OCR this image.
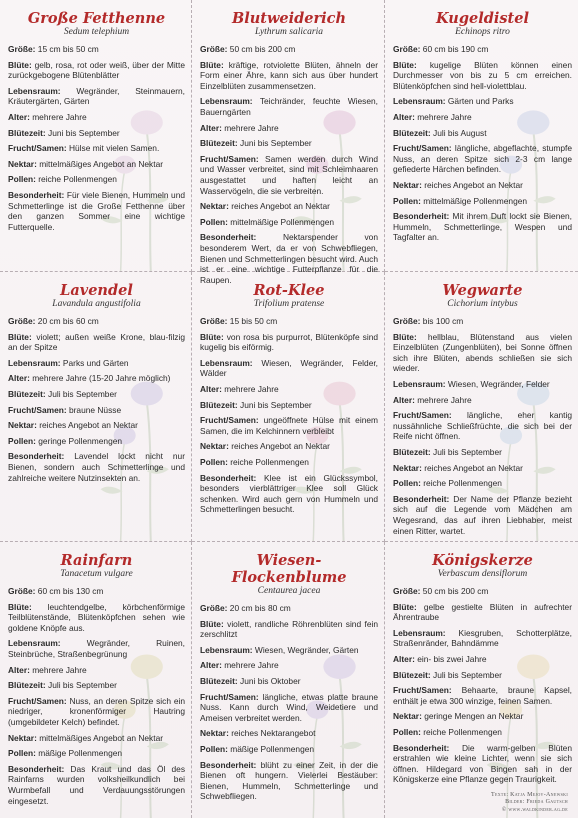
Große Fetthenne
Sedum telephium
Größe: 15 cm bis 50 cm
Blüte: gelb, rosa, rot oder weiß, über der Mitte zurückgebogene Blütenblätter
Lebensraum: Wegränder, Steinmauern, Kräutergärten, Gärten
Alter: mehrere Jahre
Blütezeit: Juni bis September
Frucht/Samen: Hülse mit vielen Samen.
Nektar: mittelmäßiges Angebot an Nektar
Pollen: reiche Pollenmengen
Besonderheit: Für viele Bienen, Hummeln und Schmetterlinge ist die Große Fetthenne über den ganzen Sommer eine wichtige Futterquelle.
Blutweiderich
Lythrum salicaria
Größe: 50 cm bis 200 cm
Blüte: kräftige, rotviolette Blüten, ähneln der Form einer Ähre, kann sich aus über hundert Einzelblüten zusammensetzen.
Lebensraum: Teichränder, feuchte Wiesen, Bauerngärten
Alter: mehrere Jahre
Blütezeit: Juni bis September
Frucht/Samen: Samen werden durch Wind und Wasser verbreitet, sind mit Schleimhaaren ausgestattet und haften leicht an Wasservögeln, die sie verbreiten.
Nektar: reiches Angebot an Nektar
Pollen: mittelmäßige Pollenmengen
Besonderheit:	Nektarspender von besonderem Wert, da er von Schwebfliegen, Bienen und Schmetterlingen besucht wird. Auch ist er eine wichtige Futterpflanze für die Raupen.
Kugeldistel
Echinops ritro
Größe: 60 cm bis 190 cm
Blüte: kugelige Blüten können einen Durchmesser von bis zu 5 cm erreichen. Blütenköpfchen sind hell-violettblau.
Lebensraum: Gärten und Parks
Alter: mehrere Jahre
Blütezeit: Juli bis August
Frucht/Samen: längliche, abgeflachte, stumpfe Nuss, an deren Spitze sich 2-3 cm lange gefiederte Härchen befinden.
Nektar: reiches Angebot an Nektar
Pollen: mittelmäßige Pollenmengen
Besonderheit: Mit ihrem Duft lockt sie Bienen, Hummeln, Schmetterlinge, Wespen und Tagfalter an.
Lavendel
Lavandula angustifolia
Größe: 20 cm bis 60 cm
Blüte: violett; außen weiße Krone, blau-filzig an der Spitze
Lebensraum: Parks und Gärten
Alter: mehrere Jahre (15-20 Jahre möglich)
Blütezeit: Juli bis September
Frucht/Samen: braune Nüsse
Nektar: reiches Angebot an Nektar
Pollen: geringe Pollenmengen
Besonderheit: Lavendel lockt nicht nur Bienen, sondern auch Schmetterlinge und zahlreiche weitere Nutzinsekten an.
Rot-Klee
Trifolium pratense
Größe: 15 bis 50 cm
Blüte: von rosa bis purpurrot, Blütenköpfe sind kugelig bis eiförmig.
Lebensraum: Wiesen, Wegränder, Felder, Wälder
Alter: mehrere Jahre
Blütezeit: Juni bis September
Frucht/Samen: ungeöffnete Hülse mit einem Samen, die im Kelchinnern verbleibt
Nektar: reiches Angebot an Nektar
Pollen: reiche Pollenmengen
Besonderheit: Klee ist ein Glückssymbol, besonders vierblättriger Klee soll Glück schenken. Wird auch gern von Hummeln und Schmetterlingen besucht.
Wegwarte
Cichorium intybus
Größe: bis 100 cm
Blüte: hellblau, Blütenstand aus vielen Einzelblüten (Zungenblüten), bei Sonne öffnen sich ihre Blüten, abends schließen sie sich wieder.
Lebensraum: Wiesen, Wegränder, Felder
Alter: mehrere Jahre
Frucht/Samen: längliche, eher kantig nussähnliche Schließfrüchte, die sich bei der Reife nicht öffnen.
Blütezeit: Juli bis September
Nektar: reiches Angebot an Nektar
Pollen: reiche Pollenmengen
Besonderheit: Der Name der Pflanze bezieht sich auf die Legende vom Mädchen am Wegesrand, das auf ihren Liebhaber, meist einen Ritter, wartet.
Rainfarn
Tanacetum vulgare
Größe: 60 cm bis 130 cm
Blüte: leuchtendgelbe, körbchenförmige Teilblütenstände, Blütenköpfchen sehen wie goldene Knöpfe aus.
Lebensraum:	Wegränder, Ruinen, Steinbrüche, Straßenbegrünung
Alter: mehrere Jahre
Blütezeit: Juli bis September
Frucht/Samen: Nuss, an deren Spitze sich ein niedriger, kronenförmiger Hautring (umgebildeter Kelch) befindet.
Nektar: mittelmäßiges Angebot an Nektar
Pollen: mäßige Pollenmengen
Besonderheit: Das Kraut und das Öl des Rainfarns wurden volksheilkundlich bei Wurmbefall und Verdauungsstörungen eingesetzt.
Wiesen-Flockenblume
Centaurea jacea
Größe: 20 cm bis 80 cm
Blüte: violett, randliche Röhrenblüten sind fein zerschlitzt
Lebensraum: Wiesen, Wegränder, Gärten
Alter: mehrere Jahre
Blütezeit: Juni bis Oktober
Frucht/Samen: längliche, etwas platte braune Nuss. Kann durch Wind, Weidetiere und Ameisen verbreitet werden.
Nektar: reiches Nektarangebot
Pollen: mäßige Pollenmengen
Besonderheit: blüht zu einer Zeit, in der die Bienen oft hungern. Vielerlei Bestäuber: Bienen, Hummeln, Schmetterlinge und Schwebfliegen.
Königskerze
Verbascum densiflorum
Größe: 50 cm bis 200 cm
Blüte: gelbe gestielte Blüten in aufrechter Ährentraube
Lebensraum: Kiesgruben, Schotterplätze, Straßenränder, Bahndämme
Alter: ein- bis zwei Jahre
Blütezeit: Juli bis September
Frucht/Samen: Behaarte, braune Kapsel, enthält je etwa 300 winzige, feinen Samen.
Nektar: geringe Mengen an Nektar
Pollen: reiche Pollenmengen
Besonderheit: Die warm-gelben Blüten erstrahlen wie kleine Lichter, wenn sie sich öffnen. Hildegard von Bingen sah in der Königskerze eine Pflanze gegen Traurigkeit.
Texte: Katja Mejov-Anewski
Bilder: Frieda Gautsch
© www.waldkinder.ag.de
